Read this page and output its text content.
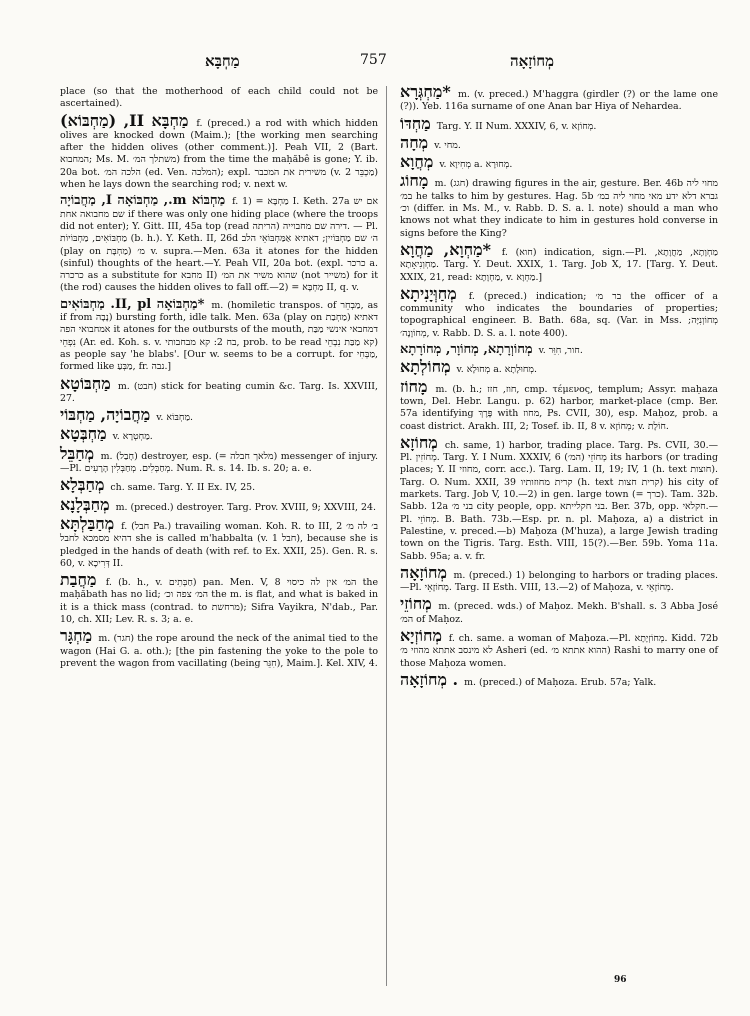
מַחְבָּא	757	מְחוֹזָאָה
place (so that the motherhood of each child could not be ascertained).
מַחְבָּא II, (מַחְבּוֹא) f. (preced.) a rod with which hidden olives are knocked down (Maim.); [the working men searching after the hidden olives (other comment.)]. Peah VII, 2 (Bart. המחבוא; Ms. M. משתלך המ׳) from the time the maḥăbê is gone; Y. ib. 20a bot. הלכה המ׳ (ed. Ven. המלכה); expl. משירית את המכבר (v. מַכְבֵּר 2) when he lays down the searching rod; v. next w.
מַחְבּוֹא m., מַחְבּוֹאָה I, מַחֲבוֹיָה f. 1) = מַחְבָּא I. Keth. 27a אם יש שם מחבואה אחת if there was only one hiding place (where the troops did not enter); Y. Gitt. III, 45a top (read הריתה) דירה שם מחבוייה. — Pl. מַחְבּוֹאִים, מַחְבּוֹיוֹת (b. h.). Y. Keth. II, 26d ה׳ שם מַחְבּוֹיִין; דאתיא אַמַּחְבּוֹאֵי הלב (play on מַחְבָּת) מ׳ v. supra.—Men. 63a it atones for the hidden (sinful) thoughts of the heart.—Y. Peah VII, 20a bot. (expl. כרכר a. כרכרה as a substitute for מחבא II) שהוא משיר את המ׳ (not משייר) for it (the rod) causes the hidden olives to fall off.—2) = מַחְבָּא II, q. v.
*מַחְבּוֹאָה II, pl. מַחְבּוֹאִים m. (homiletic transpos. of מַבְחֵר, as if from נָבָה) bursting forth, idle talk. Men. 63a (play on מַחְבַת) דאתיא אמחבואי הפה it atones for the outbursts of the mouth, דמחבאי אינשי מַבַּת נִפְחֵי (Ar. ed. Koh. s. v. בח 2: קא מבחבותי, prob. to be read קא מַבַּת נִבְחֵי) as people say 'he blabs'. [Our w. seems to be a corrupt. for מַבְּחִי, formed like מַבְּעַ, fr. נבה.]
מַחְבּוֹטָא m. (חבט) stick for beating cumin &c. Targ. Is. XXVIII, 27.
מַחֲבוֹיָה, מַחְבּוֹי v. מַחְבּוֹא.
מַחְבְּטָא v. מַחְטְרָא.
מְחַבֵּל m. (חָבַל) destroyer, esp. (= מלאך חבלה) messenger of injury.—Pl. מְחַבְּלִים. מְחַבְּלִין הָרָעִים. Num. R. s. 14. Ib. s. 20; a. e.
מְחַבְּלָא ch. same. Targ. Y. II Ex. IV, 25.
מְחַבְּלָנָא m. (preced.) destroyer. Targ. Prov. XVIII, 9; XXVIII, 24.
מְחַבַּלְתָּא f. (חבל Pa.) travailing woman. Koh. R. to III, 2 ב׳ לה מ׳ דהיא מסמכא לחבל she is called m'habbalta (v. חבל 1), because she is pledged in the hands of death (with ref. to Ex. XXII, 25). Gen. R. s. 60, v. דְּרִיכָא II.
מַחֲבַת f. (b. h., v. חַבְּתִים) pan. Men. V, 8 המ׳ אין לה כיסוי the maḥăbath has no lid; המ׳ צפה וכ׳ the m. is flat, and what is baked in it is a thick mass (contrad. to מרחשת); Sifra Vayikra, N'dab., Par. 10, ch. XII; Lev. R. s. 3; a. e.
מַחְגָּר m. (חגר) the rope around the neck of the animal tied to the wagon (Hai G. a. oth.); [the pin fastening the yoke to the pole to prevent the wagon from vacillating (being חִגֵּר), Maim.]. Kel. XIV, 4.
*מַחְגְּרָא m. (v. preced.) M'haggra (girdler (?) or the lame one (?)). Yeb. 116a surname of one Anan bar Hiya of Nehardea.
מַחְדּוֹ Targ. Y. II Num. XXXIV, 6, v. מְחוֹזָא.
מְחָה v. מחי.
מְחֲוָא v. מְחִיוָא a. מְחוּרָא.
מָחוֹג m. (חגג) drawing figures in the air, gesture. Ber. 46b מחוי ליה במ׳ he talks to him by gestures. Hag. 5b גברא דלא ידע מאי מחוי ליה במ׳ וכ׳ (differ. in Ms. M., v. Rabb. D. S. a. l. note) should a man who knows not what they indicate to him in gestures hold converse in signs before the King?
*מַחְוָא, מַחֲוָא f. (חוא) indication, sign.—Pl. מַחְוָתָא, מַחֲוָתָא, מַחְוְנִיאָתָא. Targ. Y. Deut. XXIX, 1. Targ. Job X, 17. [Targ. Y. Deut. XXIX, 21, read: מַחְוָתָא, v. מַחְוָא.]
מְחַוְּיָנִיתָא f. (preced.) indication; בר מ׳ the officer of a community who indicates the boundaries of properties; topographical engineer. B. Bath. 68a, sq. (Var. in Mss. מְחוֹוְנִיָּה; מְחוֹוָנָה׳, v. Rabb. D. S. a. l. note 400).
מְחוֹוְרָתָא, מְחוֹוָר, מְחוֹרָתָא v. חור, חִוֵּר.
מְחוֹלְתָא v. מְחוּלָא a. מְחוּלָתָא.
מָחוֹז m. (b. h.; חוז, חזז, cmp. τέμενος, templum; Assyr. maḥaza town, Del. Hebr. Langu. p. 62) harbor, market-place (cmp. Ber. 57a identifying פֶּרֶךְ with מחוז, Ps. CVII, 30), esp. Maḥoz, prob. a coast district. Arakh. III, 2; Tosef. ib. II, 8 v. מְחוֹזָא; v. חוֹלָת.
מְחוֹזָא ch. same, 1) harbor, trading place. Targ. Ps. CVII, 30.—Pl. מְחוֹזִין. Targ. Y. I Num. XXXIV, 6 מְחוֹזֵי (המ׳) its harbors (or trading places; Y. II מחוזי, corr. acc.). Targ. Lam. II, 19; IV, 1 (h. text חוצות). Targ. O. Num. XXII, 39 קרית מחוזותיו (h. text קרית חצות) his city of markets. Targ. Job V, 10.—2) in gen. large town (= כרך). Tam. 32b. Sabb. 12a בני מ׳ city people, opp. בני חקלייתא. Ber. 37b, opp. חקלאי.—Pl. מְחוֹזֵי. B. Bath. 73b.—Esp. pr. n. pl. Maḥoza, a) a district in Palestine, v. preced.—b) Maḥoza (M'huza), a large Jewish trading town on the Tigris. Targ. Esth. VIII, 15(?).—Ber. 59b. Yoma 11a. Sabb. 95a; a. v. fr.
מְחוֹזָאָה m. (preced.) 1) belonging to harbors or trading places.—Pl. מְחוֹזָאֵי. Targ. II Esth. VIII, 13.—2) of Maḥoza, v. מְחוֹזָאֵי.
מְחוֹזֵי m. (preced. wds.) of Maḥoz. Mekh. B'shall. s. 3 Abba José המ׳ of Maḥoz.
מְחוֹזְיָא f. ch. same. a woman of Maḥoza.—Pl. מְחוֹזְיָתָא. Kidd. 72b לא מינסב אתתא מהוזי מ׳ Asheri (ed. ההוא אתתא מ׳) Rashi to marry one of those Maḥoza women.
. מְחוֹזָאָה m. (preced.) of Maḥoza. Erub. 57a; Yalk.
96
